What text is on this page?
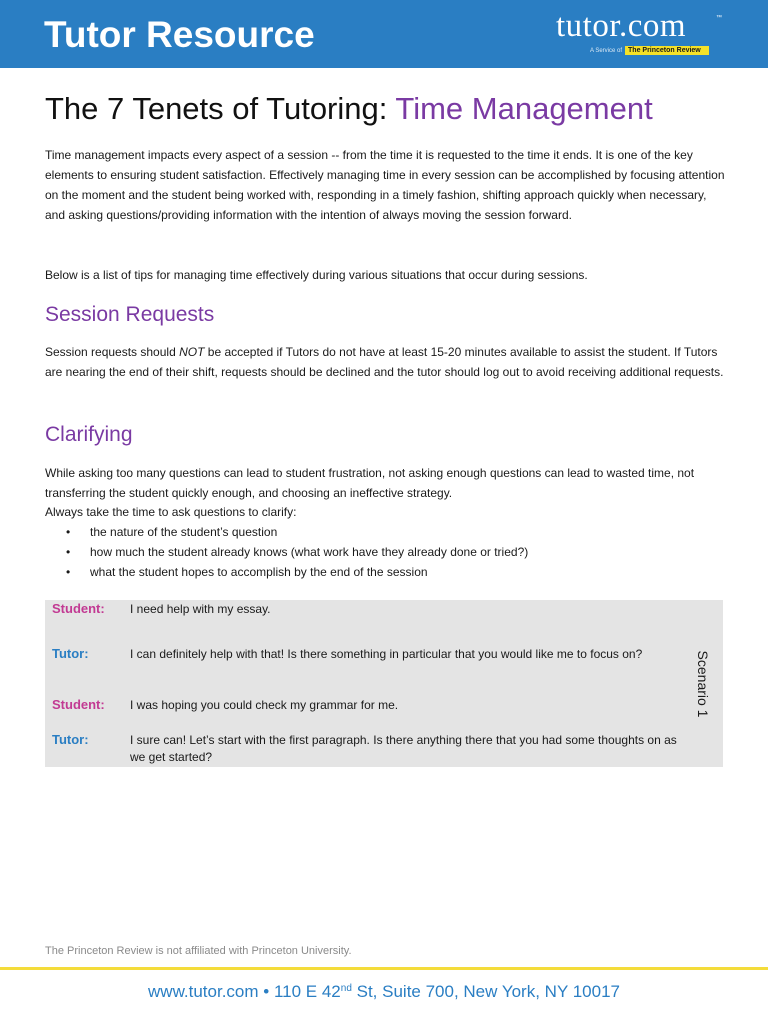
Tutor Resource	tutor.com	™
A Service of The Princeton Review
The 7 Tenets of Tutoring: Time Management

Time management impacts every aspect of a session -- from the time it is requested to the time it ends. It is one of the key elements to ensuring student satisfaction. Effectively managing time in every session can be accomplished by focusing attention on the moment and the student being worked with, responding in a timely fashion, shifting approach quickly when necessary, and asking questions/providing information with the intention of always moving the session forward.

Below is a list of tips for managing time effectively during various situations that occur during sessions.

Session Requests

Session requests should NOT be accepted if Tutors do not have at least 15-20 minutes available to assist the student. If Tutors are nearing the end of their shift, requests should be declined and the tutor should log out to avoid receiving additional requests.

Clarifying

While asking too many questions can lead to student frustration, not asking enough questions can lead to wasted time, not transferring the student quickly enough, and choosing an ineffective strategy.

Always take the time to ask questions to clarify:

• the nature of the student’s question
• how much the student already knows (what work have they already done or tried?)
• what the student hopes to accomplish by the end of the session
Student: I need help with my essay.
Tutor:	I can definitely help with that! Is there something in particular that you would like me to focus on?
Student: I was hoping you could check my grammar for me.
Tutor:	I sure can! Let’s start with the first paragraph. Is there anything there that you had some thoughts on as we get started?
Scenario 1
The Princeton Review is not affiliated with Princeton University.
www.tutor.com • 110 E 42nd St, Suite 700, New York, NY 10017
